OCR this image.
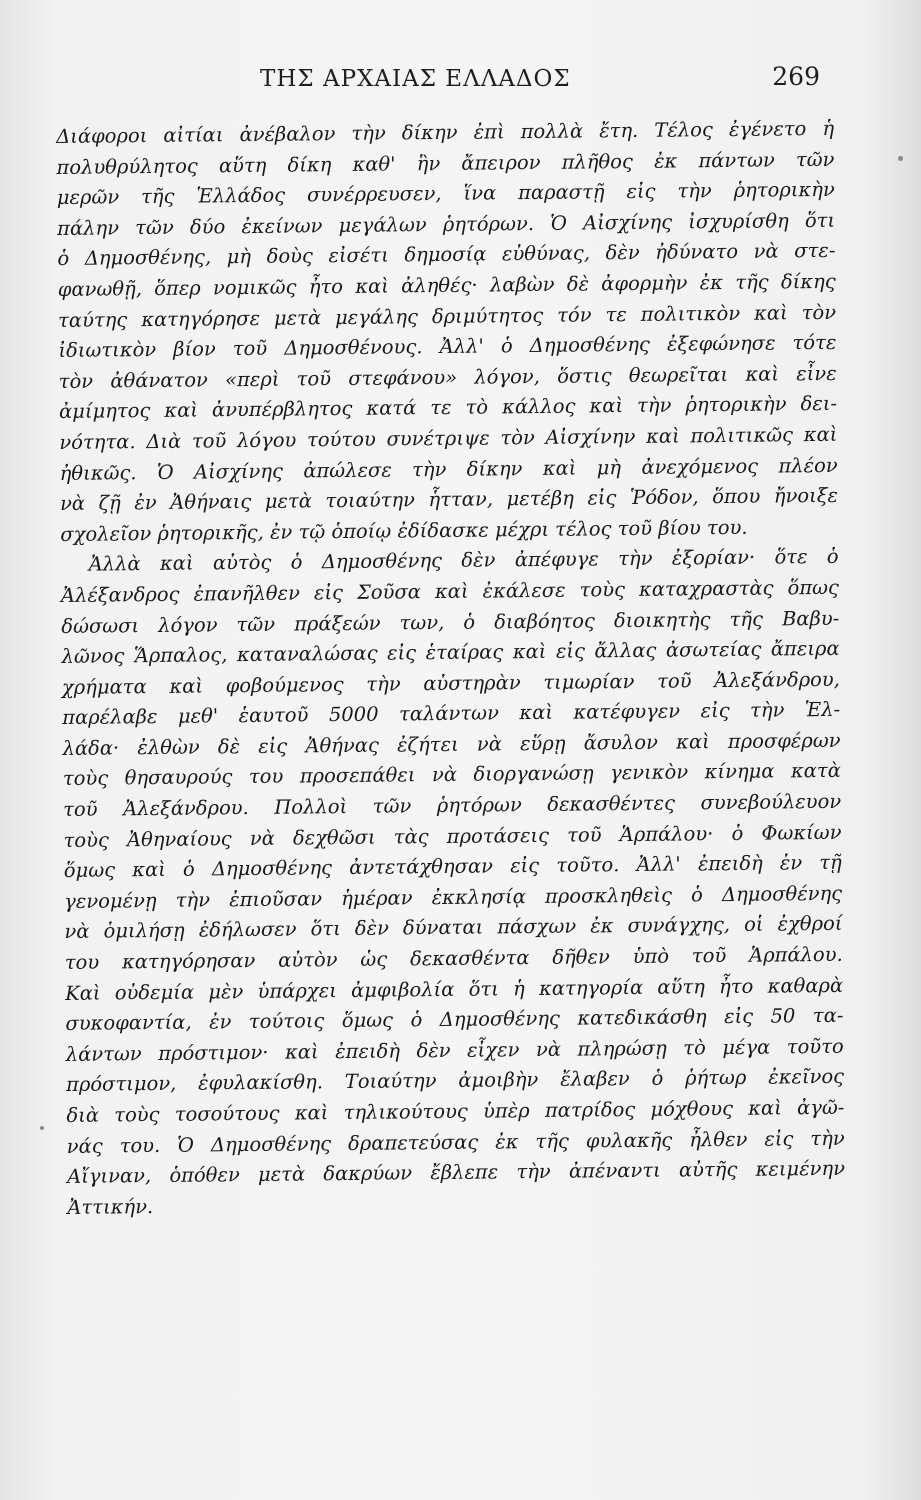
ΤΗΣ ΑΡΧΑΙΑΣ ΕΛΛΑΔΟΣ	269
Διάφοροι αἰτίαι ἀνέβαλον τὴν δίκην ἐπὶ πολλὰ ἔτη. Τέλος ἐγένετο ἡ
πολυθρύλητος αὕτη δίκη καθ' ἣν ἄπειρον πλῆθος ἐκ πάντων τῶν
μερῶν τῆς Ἑλλάδος συνέρρευσεν, ἵνα παραστῇ εἰς τὴν ῥητορικὴν
πάλην τῶν δύο ἐκείνων μεγάλων ῥητόρων. Ὁ Αἰσχίνης ἰσχυρίσθη ὅτι
ὁ Δημοσθένης, μὴ δοὺς εἰσέτι δημοσίᾳ εὐθύνας, δὲν ἠδύνατο νὰ στε-
φανωθῇ, ὅπερ νομικῶς ἦτο καὶ ἀληθές· λαβὼν δὲ ἀφορμὴν ἐκ τῆς δίκης
ταύτης κατηγόρησε μετὰ μεγάλης δριμύτητος τόν τε πολιτικὸν καὶ τὸν
ἰδιωτικὸν βίον τοῦ Δημοσθένους. Ἀλλ' ὁ Δημοσθένης ἐξεφώνησε τότε
τὸν ἀθάνατον «περὶ τοῦ στεφάνου» λόγον, ὅστις θεωρεῖται καὶ εἶνε
ἀμίμητος καὶ ἀνυπέρβλητος κατά τε τὸ κάλλος καὶ τὴν ῥητορικὴν δει-
νότητα. Διὰ τοῦ λόγου τούτου συνέτριψε τὸν Αἰσχίνην καὶ πολιτικῶς καὶ
ἠθικῶς. Ὁ Αἰσχίνης ἀπώλεσε τὴν δίκην καὶ μὴ ἀνεχόμενος πλέον
νὰ ζῇ ἐν Ἀθήναις μετὰ τοιαύτην ἧτταν, μετέβη εἰς Ῥόδον, ὅπου ἤνοιξε
σχολεῖον ῥητορικῆς, ἐν τῷ ὁποίῳ ἐδίδασκε μέχρι τέλος τοῦ βίου του.
Ἀλλὰ καὶ αὐτὸς ὁ Δημοσθένης δὲν ἀπέφυγε τὴν ἐξορίαν· ὅτε ὁ
Ἀλέξανδρος ἐπανῆλθεν εἰς Σοῦσα καὶ ἐκάλεσε τοὺς καταχραστὰς ὅπως
δώσωσι λόγον τῶν πράξεών των, ὁ διαβόητος διοικητὴς τῆς Βαβυ-
λῶνος Ἅρπαλος, καταναλώσας εἰς ἑταίρας καὶ εἰς ἄλλας ἀσωτείας ἄπειρα
χρήματα καὶ φοβούμενος τὴν αὐστηρὰν τιμωρίαν τοῦ Ἀλεξάνδρου,
παρέλαβε μεθ' ἑαυτοῦ 5000 ταλάντων καὶ κατέφυγεν εἰς τὴν Ἑλ-
λάδα· ἐλθὼν δὲ εἰς Ἀθήνας ἐζήτει νὰ εὕρῃ ἄσυλον καὶ προσφέρων
τοὺς θησαυρούς του προσεπάθει νὰ διοργανώσῃ γενικὸν κίνημα κατὰ
τοῦ Ἀλεξάνδρου. Πολλοὶ τῶν ῥητόρων δεκασθέντες συνεβούλευον
τοὺς Ἀθηναίους νὰ δεχθῶσι τὰς προτάσεις τοῦ Ἁρπάλου· ὁ Φωκίων
ὅμως καὶ ὁ Δημοσθένης ἀντετάχθησαν εἰς τοῦτο. Ἀλλ' ἐπειδὴ ἐν τῇ
γενομένῃ τὴν ἐπιοῦσαν ἡμέραν ἐκκλησίᾳ προσκληθεὶς ὁ Δημοσθένης
νὰ ὁμιλήσῃ ἐδήλωσεν ὅτι δὲν δύναται πάσχων ἐκ συνάγχης, οἱ ἐχθροί
του κατηγόρησαν αὐτὸν ὡς δεκασθέντα δῆθεν ὑπὸ τοῦ Ἁρπάλου.
Καὶ οὐδεμία μὲν ὑπάρχει ἀμφιβολία ὅτι ἡ κατηγορία αὕτη ἦτο καθαρὰ
συκοφαντία, ἐν τούτοις ὅμως ὁ Δημοσθένης κατεδικάσθη εἰς 50 τα-
λάντων πρόστιμον· καὶ ἐπειδὴ δὲν εἶχεν νὰ πληρώσῃ τὸ μέγα τοῦτο
πρόστιμον, ἐφυλακίσθη. Τοιαύτην ἀμοιβὴν ἔλαβεν ὁ ῥήτωρ ἐκεῖνος
διὰ τοὺς τοσούτους καὶ τηλικούτους ὑπὲρ πατρίδος μόχθους καὶ ἀγῶ-
νάς του. Ὁ Δημοσθένης δραπετεύσας ἐκ τῆς φυλακῆς ἦλθεν εἰς τὴν
Αἴγιναν, ὁπόθεν μετὰ δακρύων ἔβλεπε τὴν ἀπέναντι αὐτῆς κειμένην
Ἀττικήν.
